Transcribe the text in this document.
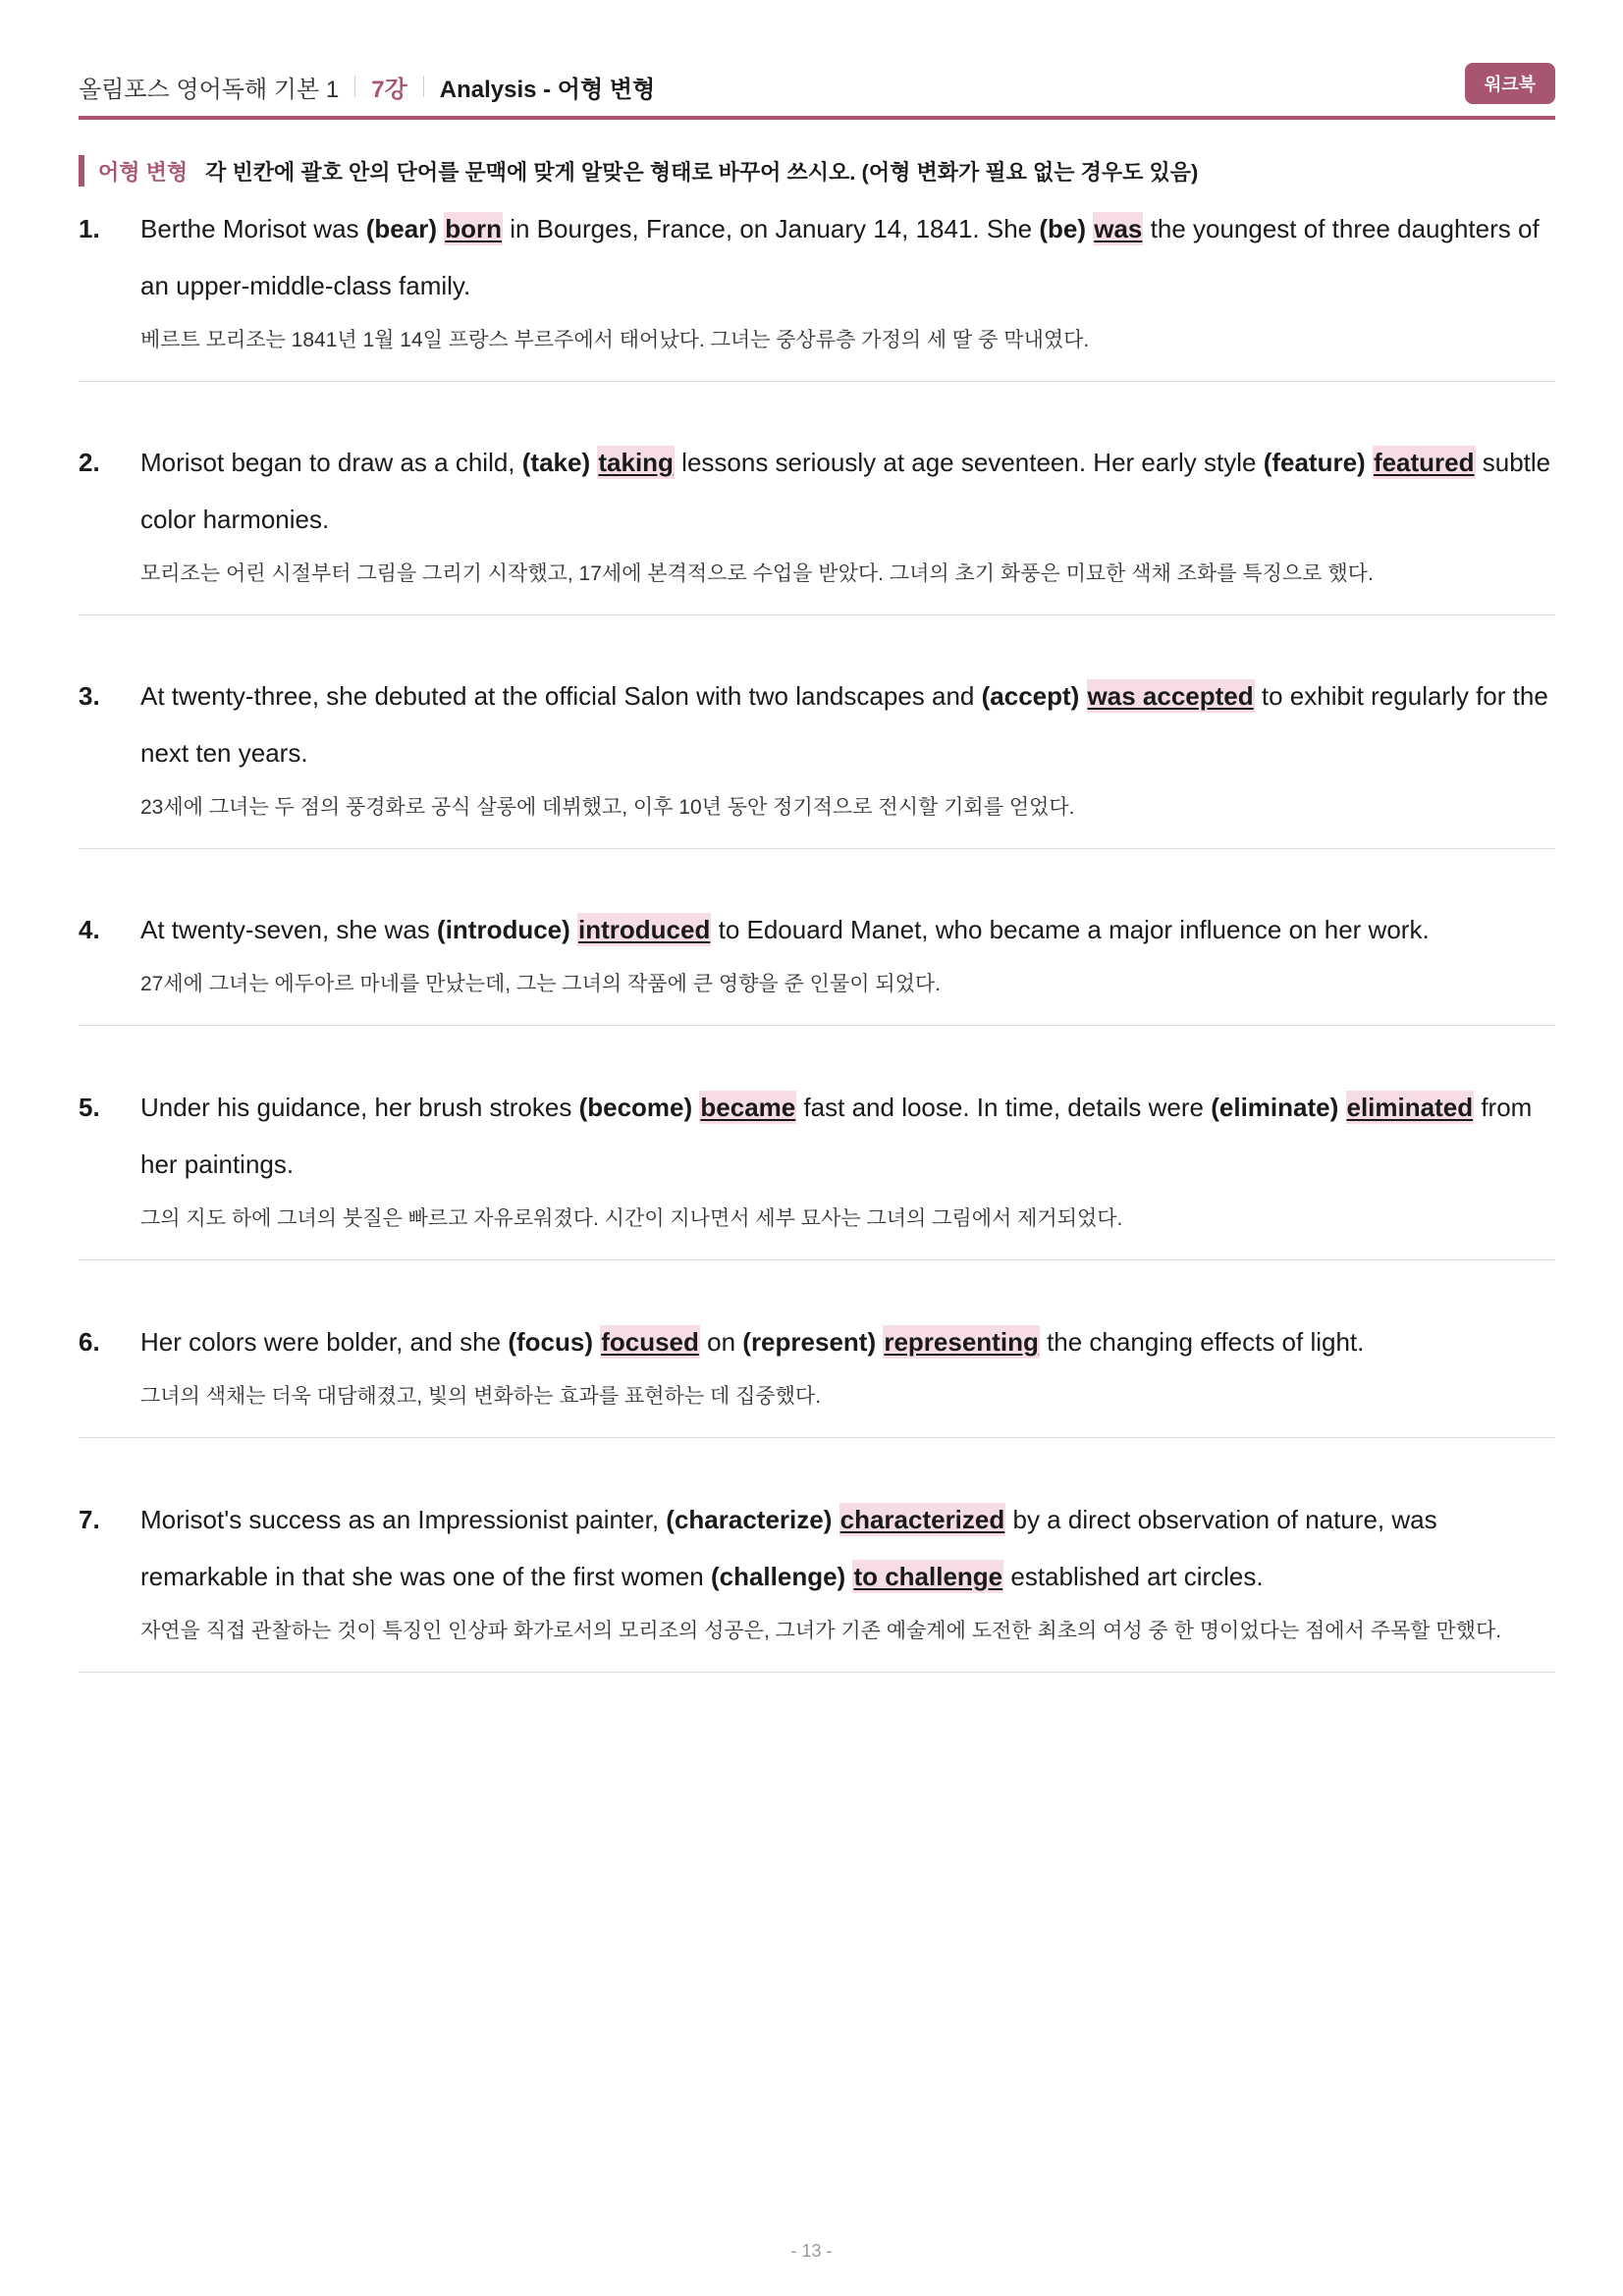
올림포스 영어독해 기본 1 7강 Analysis - 어형 변형	워크북
어형 변형 각 빈칸에 괄호 안의 단어를 문맥에 맞게 알맞은 형태로 바꾸어 쓰시오. (어형 변화가 필요 없는 경우도 있음)
1. Berthe Morisot was (bear) born in Bourges, France, on January 14, 1841. She (be) was the youngest of three daughters of an upper-middle-class family.
베르트 모리조는 1841년 1월 14일 프랑스 부르주에서 태어났다. 그녀는 중상류층 가정의 세 딸 중 막내였다.
2. Morisot began to draw as a child, (take) taking lessons seriously at age seventeen. Her early style (feature) featured subtle color harmonies.
모리조는 어린 시절부터 그림을 그리기 시작했고, 17세에 본격적으로 수업을 받았다. 그녀의 초기 화풍은 미묘한 색채 조화를 특징으로 했다.
3. At twenty-three, she debuted at the official Salon with two landscapes and (accept) was accepted to exhibit regularly for the next ten years.
23세에 그녀는 두 점의 풍경화로 공식 살롱에 데뷔했고, 이후 10년 동안 정기적으로 전시할 기회를 얻었다.
4. At twenty-seven, she was (introduce) introduced to Edouard Manet, who became a major influence on her work.
27세에 그녀는 에두아르 마네를 만났는데, 그는 그녀의 작품에 큰 영향을 준 인물이 되었다.
5. Under his guidance, her brush strokes (become) became fast and loose. In time, details were (eliminate) eliminated from her paintings.
그의 지도 하에 그녀의 붓질은 빠르고 자유로워졌다. 시간이 지나면서 세부 묘사는 그녀의 그림에서 제거되었다.
6. Her colors were bolder, and she (focus) focused on (represent) representing the changing effects of light.
그녀의 색채는 더욱 대담해졌고, 빛의 변화하는 효과를 표현하는 데 집중했다.
7. Morisot's success as an Impressionist painter, (characterize) characterized by a direct observation of nature, was remarkable in that she was one of the first women (challenge) to challenge established art circles.
자연을 직접 관찰하는 것이 특징인 인상파 화가로서의 모리조의 성공은, 그녀가 기존 예술계에 도전한 최초의 여성 중 한 명이었다는 점에서 주목할 만했다.
- 13 -
